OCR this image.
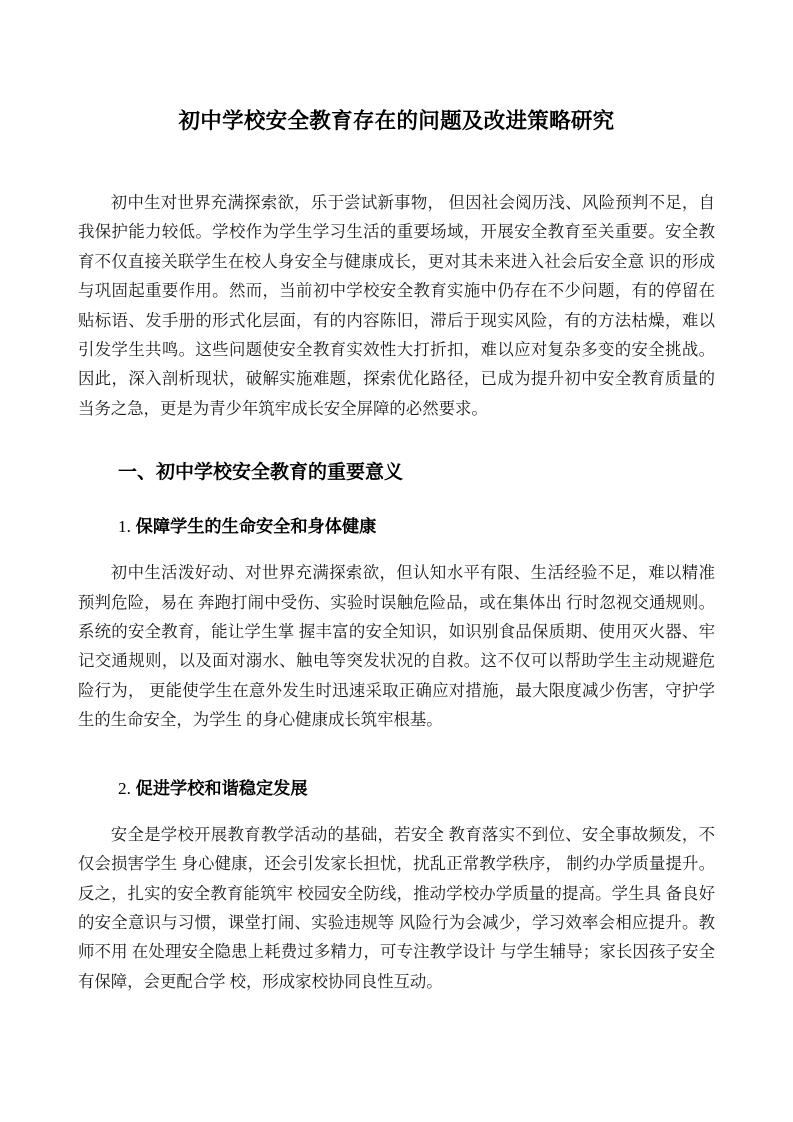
初中学校安全教育存在的问题及改进策略研究

初中生对世界充满探索欲，乐于尝试新事物， 但因社会阅历浅、风险预判不足，自我保护能力较低。学校作为学生学习生活的重要场域，开展安全教育至关重要。安全教育不仅直接关联学生在校人身安全与健康成长，更对其未来进入社会后安全意 识的形成与巩固起重要作用。然而，当前初中学校安全教育实施中仍存在不少问题，有的停留在贴标语、发手册的形式化层面，有的内容陈旧，滞后于现实风险，有的方法枯燥，难以引发学生共鸣。这些问题使安全教育实效性大打折扣，难以应对复杂多变的安全挑战。因此，深入剖析现状，破解实施难题，探索优化路径，已成为提升初中安全教育质量的当务之急，更是为青少年筑牢成长安全屏障的必然要求。

一、初中学校安全教育的重要意义
1. 保障学生的生命安全和身体健康

初中生活泼好动、对世界充满探索欲，但认知水平有限、生活经验不足，难以精准预判危险，易在 奔跑打闹中受伤、实验时误触危险品，或在集体出 行时忽视交通规则。系统的安全教育，能让学生掌 握丰富的安全知识，如识别食品保质期、使用灭火器、牢记交通规则，以及面对溺水、触电等突发状况的自救。这不仅可以帮助学生主动规避危险行为， 更能使学生在意外发生时迅速采取正确应对措施，最大限度减少伤害，守护学生的生命安全，为学生 的身心健康成长筑牢根基。

2. 促进学校和谐稳定发展

安全是学校开展教育教学活动的基础，若安全 教育落实不到位、安全事故频发，不仅会损害学生 身心健康，还会引发家长担忧，扰乱正常教学秩序， 制约办学质量提升。反之，扎实的安全教育能筑牢 校园安全防线，推动学校办学质量的提高。学生具 备良好的安全意识与习惯，课堂打闹、实验违规等 风险行为会减少，学习效率会相应提升。教师不用 在处理安全隐患上耗费过多精力，可专注教学设计 与学生辅导；家长因孩子安全有保障，会更配合学 校，形成家校协同良性互动。
